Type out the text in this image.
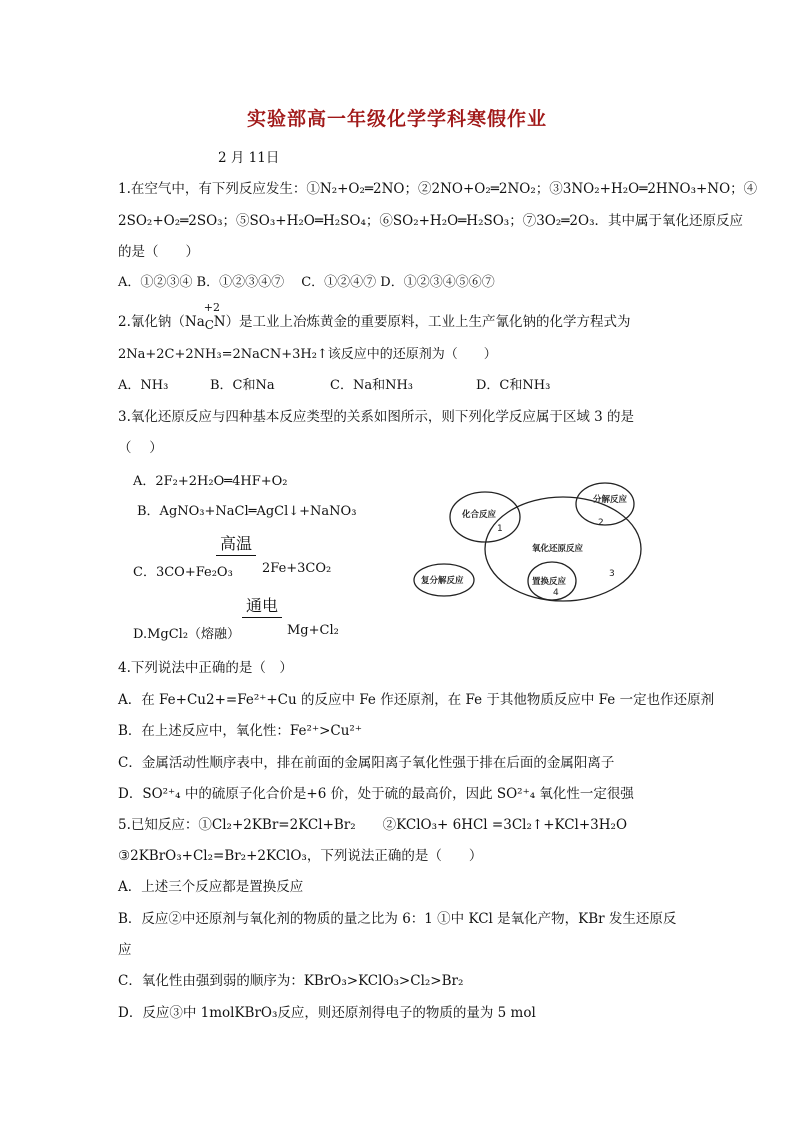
实验部高一年级化学学科寒假作业
2 月 11日
1.在空气中，有下列反应发生：①N₂+O₂═2NO；②2NO+O₂═2NO₂；③3NO₂+H₂O═2HNO₃+NO；④
2SO₂+O₂═2SO₃；⑤SO₃+H₂O═H₂SO₄；⑥SO₂+H₂O═H₂SO₃；⑦3O₂═2O₃．其中属于氧化还原反应
的是（　　）
A．①②③④ B．①②③④⑦　 C．①②④⑦ D．①②③④⑤⑥⑦
2.氰化钠（Na
+2
CN）是工业上冶炼黄金的重要原料，工业上生产氰化钠的化学方程式为
2Na+2C+2NH₃=2NaCN+3H₂↑该反应中的还原剂为（　　）
A．NH₃	B．C和Na	C．Na和NH₃	D．C和NH₃
3.氧化还原反应与四种基本反应类型的关系如图所示，则下列化学反应属于区域 3 的是
（　 ）
A．2F₂+2H₂O═4HF+O₂
B．AgNO₃+NaCl═AgCl↓+NaNO₃
高温
C．3CO+Fe₂O₃ 2Fe+3CO₂
通电
D.MgCl₂（熔融）	Mg+Cl₂
化合反应
1
分解反应
2
氧化还原反应
复分解反应	置换反应
4
3
4.下列说法中正确的是（　）
A．在 Fe+Cu2+=Fe²⁺+Cu 的反应中 Fe 作还原剂，在 Fe 于其他物质反应中 Fe 一定也作还原剂
B．在上述反应中，氧化性：Fe²⁺>Cu²⁺
C．金属活动性顺序表中，排在前面的金属阳离子氧化性强于排在后面的金属阳离子
D．SO²⁺₄ 中的硫原子化合价是+6 价，处于硫的最高价，因此 SO²⁺₄ 氧化性一定很强
5.已知反应：①Cl₂+2KBr=2KCl+Br₂　　②KClO₃+ 6HCl =3Cl₂↑+KCl+3H₂O
③2KBrO₃+Cl₂=Br₂+2KClO₃，下列说法正确的是（　　）
A．上述三个反应都是置换反应
B．反应②中还原剂与氧化剂的物质的量之比为 6：1 ①中 KCl 是氧化产物，KBr 发生还原反
应
C．氧化性由强到弱的顺序为：KBrO₃>KClO₃>Cl₂>Br₂
D．反应③中 1molKBrO₃反应，则还原剂得电子的物质的量为 5 mol
